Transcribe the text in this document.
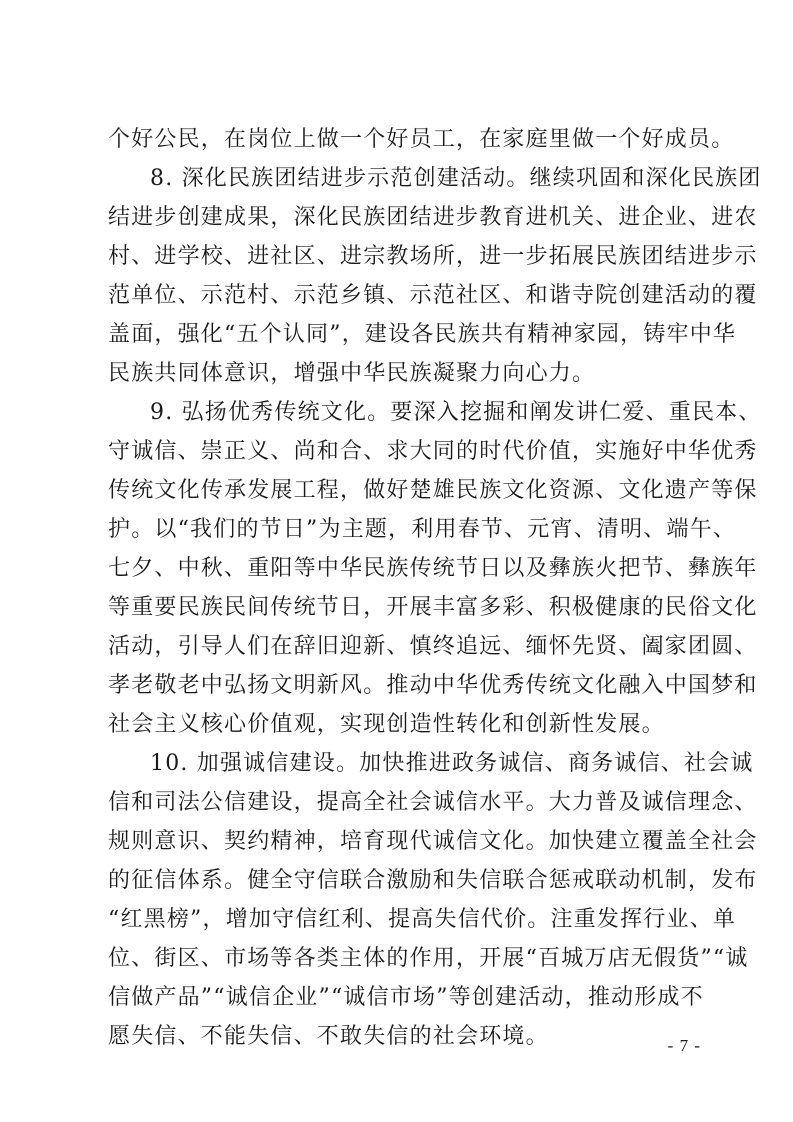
个好公民，在岗位上做一个好员工，在家庭里做一个好成员。

8. 深化民族团结进步示范创建活动。继续巩固和深化民族团

结进步创建成果，深化民族团结进步教育进机关、进企业、进农

村、进学校、进社区、进宗教场所，进一步拓展民族团结进步示

范单位、示范村、示范乡镇、示范社区、和谐寺院创建活动的覆

盖面，强化“五个认同”，建设各民族共有精神家园，铸牢中华

民族共同体意识，增强中华民族凝聚力向心力。

9. 弘扬优秀传统文化。要深入挖掘和阐发讲仁爱、重民本、

守诚信、崇正义、尚和合、求大同的时代价值，实施好中华优秀

传统文化传承发展工程，做好楚雄民族文化资源、文化遗产等保

护。以“我们的节日”为主题，利用春节、元宵、清明、端午、

七夕、中秋、重阳等中华民族传统节日以及彝族火把节、彝族年

等重要民族民间传统节日，开展丰富多彩、积极健康的民俗文化

活动，引导人们在辞旧迎新、慎终追远、缅怀先贤、阖家团圆、

孝老敬老中弘扬文明新风。推动中华优秀传统文化融入中国梦和

社会主义核心价值观，实现创造性转化和创新性发展。

10. 加强诚信建设。加快推进政务诚信、商务诚信、社会诚

信和司法公信建设，提高全社会诚信水平。大力普及诚信理念、

规则意识、契约精神，培育现代诚信文化。加快建立覆盖全社会

的征信体系。健全守信联合激励和失信联合惩戒联动机制，发布

“红黑榜”，增加守信红利、提高失信代价。注重发挥行业、单

位、街区、市场等各类主体的作用，开展“百城万店无假货”“诚

信做产品”“诚信企业”“诚信市场”等创建活动，推动形成不

愿失信、不能失信、不敢失信的社会环境。	- 7 -
